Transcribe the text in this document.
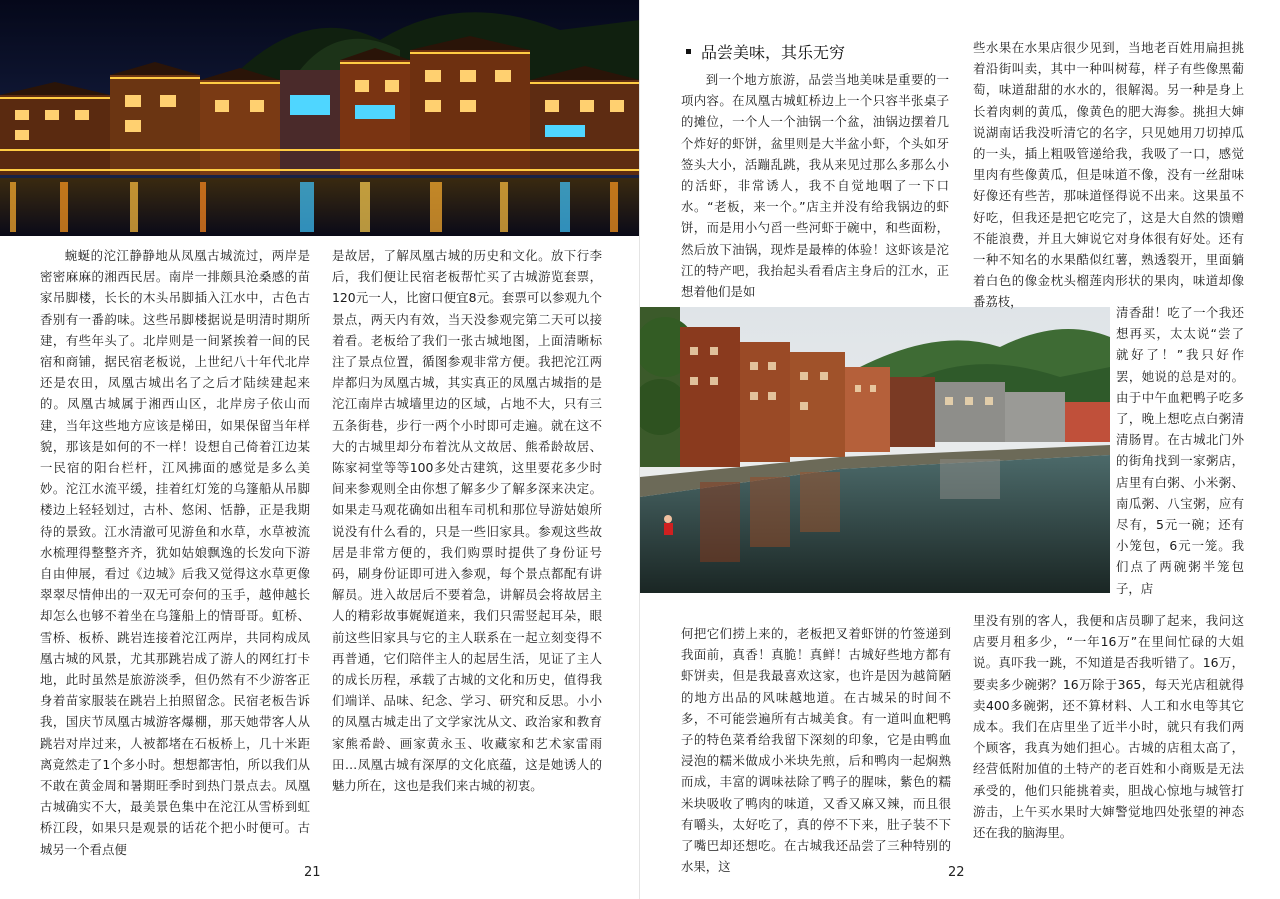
蜿蜒的沱江静静地从凤凰古城流过，两岸是密密麻麻的湘西民居。南岸一排颇具沧桑感的苗家吊脚楼，长长的木头吊脚插入江水中，古色古香别有一番韵味。这些吊脚楼据说是明清时期所建，有些年头了。北岸则是一间紧挨着一间的民宿和商铺，据民宿老板说，上世纪八十年代北岸还是农田，凤凰古城出名了之后才陆续建起来的。凤凰古城属于湘西山区，北岸房子依山而建，当年这些地方应该是梯田，如果保留当年样貌，那该是如何的不一样！设想自己倚着江边某一民宿的阳台栏杆，江风拂面的感觉是多么美妙。沱江水流平缓，挂着红灯笼的乌篷船从吊脚楼边上轻轻划过，古朴、悠闲、恬静，正是我期待的景致。江水清澈可见游鱼和水草，水草被流水梳理得整整齐齐，犹如姑娘飘逸的长发向下游自由伸展，看过《边城》后我又觉得这水草更像翠翠尽情伸出的一双无可奈何的玉手，越伸越长却怎么也够不着坐在乌篷船上的情哥哥。虹桥、雪桥、板桥、跳岩连接着沱江两岸，共同构成凤凰古城的风景，尤其那跳岩成了游人的网红打卡地，此时虽然是旅游淡季，但仍然有不少游客正身着苗家服装在跳岩上拍照留念。民宿老板告诉我，国庆节凤凰古城游客爆棚，那天她带客人从跳岩对岸过来，人被都堵在石板桥上，几十米距离竟然走了1个多小时。想想都害怕，所以我们从不敢在黄金周和暑期旺季时到热门景点去。凤凰古城确实不大，最美景色集中在沱江从雪桥到虹桥江段，如果只是观景的话花个把小时便可。古城另一个看点便
是故居，了解凤凰古城的历史和文化。放下行李后，我们便让民宿老板帮忙买了古城游览套票，120元一人，比窗口便宜8元。套票可以参观九个景点，两天内有效，当天没参观完第二天可以接着看。老板给了我们一张古城地图，上面清晰标注了景点位置，循图参观非常方便。我把沱江两岸都归为凤凰古城，其实真正的凤凰古城指的是沱江南岸古城墙里边的区域，占地不大，只有三五条街巷，步行一两个小时即可走遍。就在这不大的古城里却分布着沈从文故居、熊希龄故居、陈家祠堂等等100多处古建筑，这里要花多少时间来参观则全由你想了解多少了解多深来决定。如果走马观花确如出租车司机和那位导游姑娘所说没有什么看的，只是一些旧家具。参观这些故居是非常方便的，我们购票时提供了身份证号码，刷身份证即可进入参观，每个景点都配有讲解员。进入故居后不要着急，讲解员会将故居主人的精彩故事娓娓道来，我们只需竖起耳朵，眼前这些旧家具与它的主人联系在一起立刻变得不再普通，它们陪伴主人的起居生活，见证了主人的成长历程，承载了古城的文化和历史，值得我们端详、品味、纪念、学习、研究和反思。小小的凤凰古城走出了文学家沈从文、政治家和教育家熊希龄、画家黄永玉、收藏家和艺术家雷雨田…凤凰古城有深厚的文化底蕴，这是她诱人的魅力所在，这也是我们来古城的初衷。
21
品尝美味，其乐无穷
到一个地方旅游，品尝当地美味是重要的一项内容。在凤凰古城虹桥边上一个只容半张桌子的摊位，一个人一个油锅一个盆，油锅边摆着几个炸好的虾饼，盆里则是大半盆小虾，个头如牙签头大小，活蹦乱跳，我从来见过那么多那么小的活虾，非常诱人，我不自觉地咽了一下口水。“老板，来一个。”店主并没有给我锅边的虾饼，而是用小勺舀一些河虾于碗中，和些面粉，然后放下油锅，现炸是最棒的体验！这虾该是沱江的特产吧，我抬起头看看店主身后的江水，正想着他们是如
何把它们捞上来的，老板把叉着虾饼的竹签递到我面前，真香！真脆！真鲜！古城好些地方都有虾饼卖，但是我最喜欢这家，也许是因为越简陋的地方出品的风味越地道。在古城呆的时间不多，不可能尝遍所有古城美食。有一道叫血粑鸭子的特色菜肴给我留下深刻的印象，它是由鸭血浸泡的糯米做成小米块先煎，后和鸭肉一起焖熟而成，丰富的调味祛除了鸭子的腥味，紫色的糯米块吸收了鸭肉的味道，又香又麻又辣，而且很有嚼头，太好吃了，真的停不下来，肚子装不下了嘴巴却还想吃。在古城我还品尝了三种特别的水果，这
些水果在水果店很少见到，当地老百姓用扁担挑着沿街叫卖，其中一种叫树莓，样子有些像黑葡萄，味道甜甜的水水的，很解渴。另一种是身上长着肉刺的黄瓜，像黄色的肥大海参。挑担大婶说湖南话我没听清它的名字，只见她用刀切掉瓜的一头，插上粗吸管递给我，我吸了一口，感觉里肉有些像黄瓜，但是味道不像，没有一丝甜味好像还有些苦，那味道怪得说不出来。这果虽不好吃，但我还是把它吃完了，这是大自然的馈赠不能浪费，并且大婶说它对身体很有好处。还有一种不知名的水果酷似红薯，熟透裂开，里面躺着白色的像金枕头榴莲肉形状的果肉，味道却像番荔枝，
清香甜！吃了一个我还想再买，太太说“尝了就好了！”我只好作罢，她说的总是对的。由于中午血粑鸭子吃多了，晚上想吃点白粥清清肠胃。在古城北门外的街角找到一家粥店，店里有白粥、小米粥、南瓜粥、八宝粥，应有尽有，5元一碗；还有小笼包，6元一笼。我们点了两碗粥半笼包子，店
里没有别的客人，我便和店员聊了起来，我问这店要月租多少，“一年16万”在里间忙碌的大姐说。真吓我一跳，不知道是否我听错了。16万，要卖多少碗粥？16万除于365，每天光店租就得卖400多碗粥，还不算材料、人工和水电等其它成本。我们在店里坐了近半小时，就只有我们两个顾客，我真为她们担心。古城的店租太高了，经营低附加值的土特产的老百姓和小商贩是无法承受的，他们只能挑着卖，胆战心惊地与城管打游击，上午买水果时大婶警觉地四处张望的神态还在我的脑海里。
22
